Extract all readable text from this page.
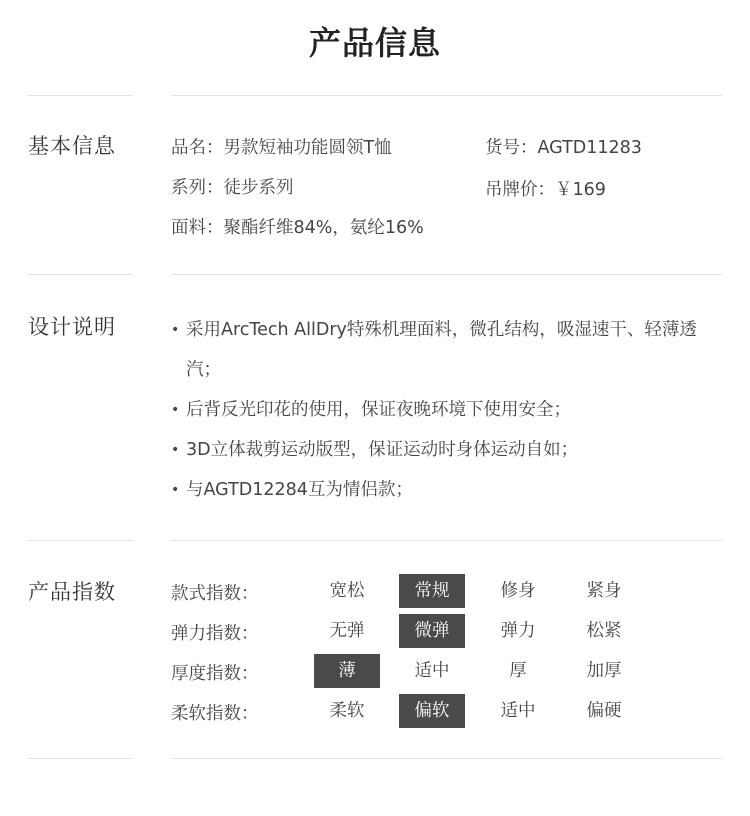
产品信息
基本信息	品名：男款短袖功能圆领T恤	货号：AGTD11283
系列：徒步系列	吊牌价：￥169
面料：聚酯纤维84%，氨纶16%
设计说明
•	采用ArcTech AllDry特殊机理面料，微孔结构，吸湿速干、轻薄透汽；
• 后背反光印花的使用，保证夜晚环境下使用安全；
• 3D立体裁剪运动版型，保证运动时身体运动自如；
• 与AGTD12284互为情侣款；
产品指数	款式指数：	宽松	常规	修身	紧身
弹力指数：	无弹	微弹	弹力	松紧
厚度指数：	薄	适中	厚	加厚
柔软指数：	柔软	偏软	适中	偏硬
